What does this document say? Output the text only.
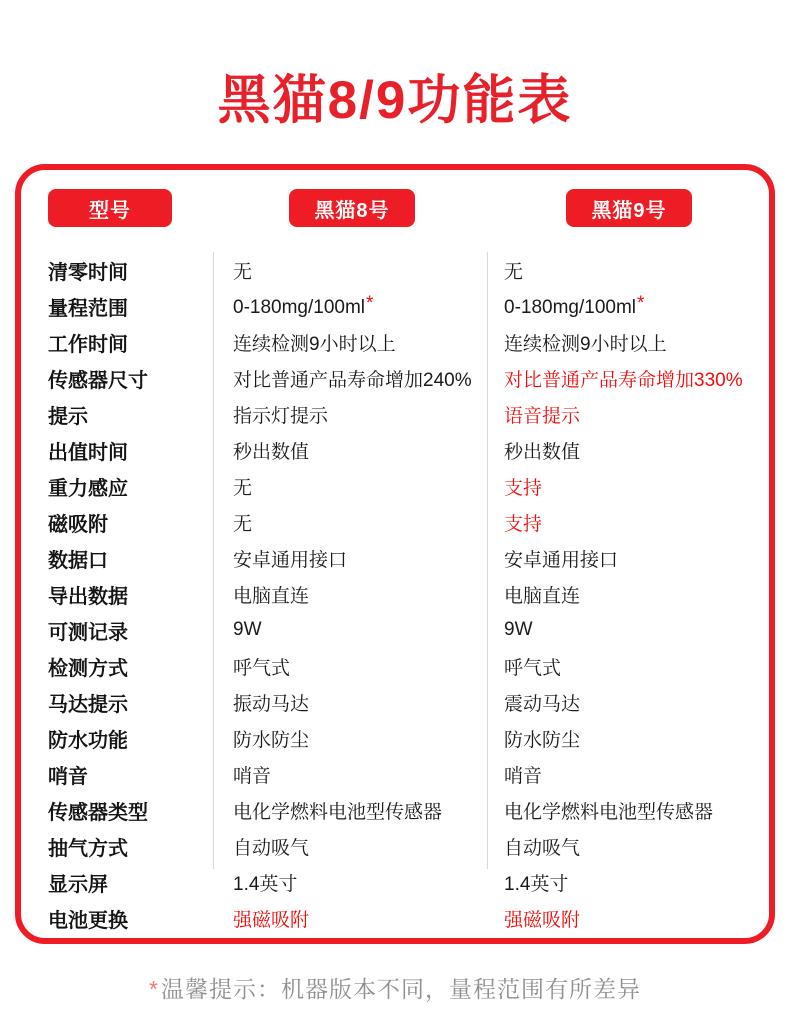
黑猫8/9功能表
型号	黑猫8号	黑猫9号
清零时间	无	无
量程范围	0-180mg/100ml*	0-180mg/100ml*
工作时间	连续检测9小时以上	连续检测9小时以上
传感器尺寸	对比普通产品寿命增加240%	对比普通产品寿命增加330%
提示	指示灯提示	语音提示
出值时间	秒出数值	秒出数值
重力感应	无	支持
磁吸附	无	支持
数据口	安卓通用接口	安卓通用接口
导出数据	电脑直连	电脑直连
可测记录	9W	9W
检测方式	呼气式	呼气式
马达提示	振动马达	震动马达
防水功能	防水防尘	防水防尘
哨音	哨音	哨音
传感器类型	电化学燃料电池型传感器	电化学燃料电池型传感器
抽气方式	自动吸气	自动吸气
显示屏	1.4英寸	1.4英寸
电池更换	强磁吸附	强磁吸附

*温馨提示：机器版本不同，量程范围有所差异
